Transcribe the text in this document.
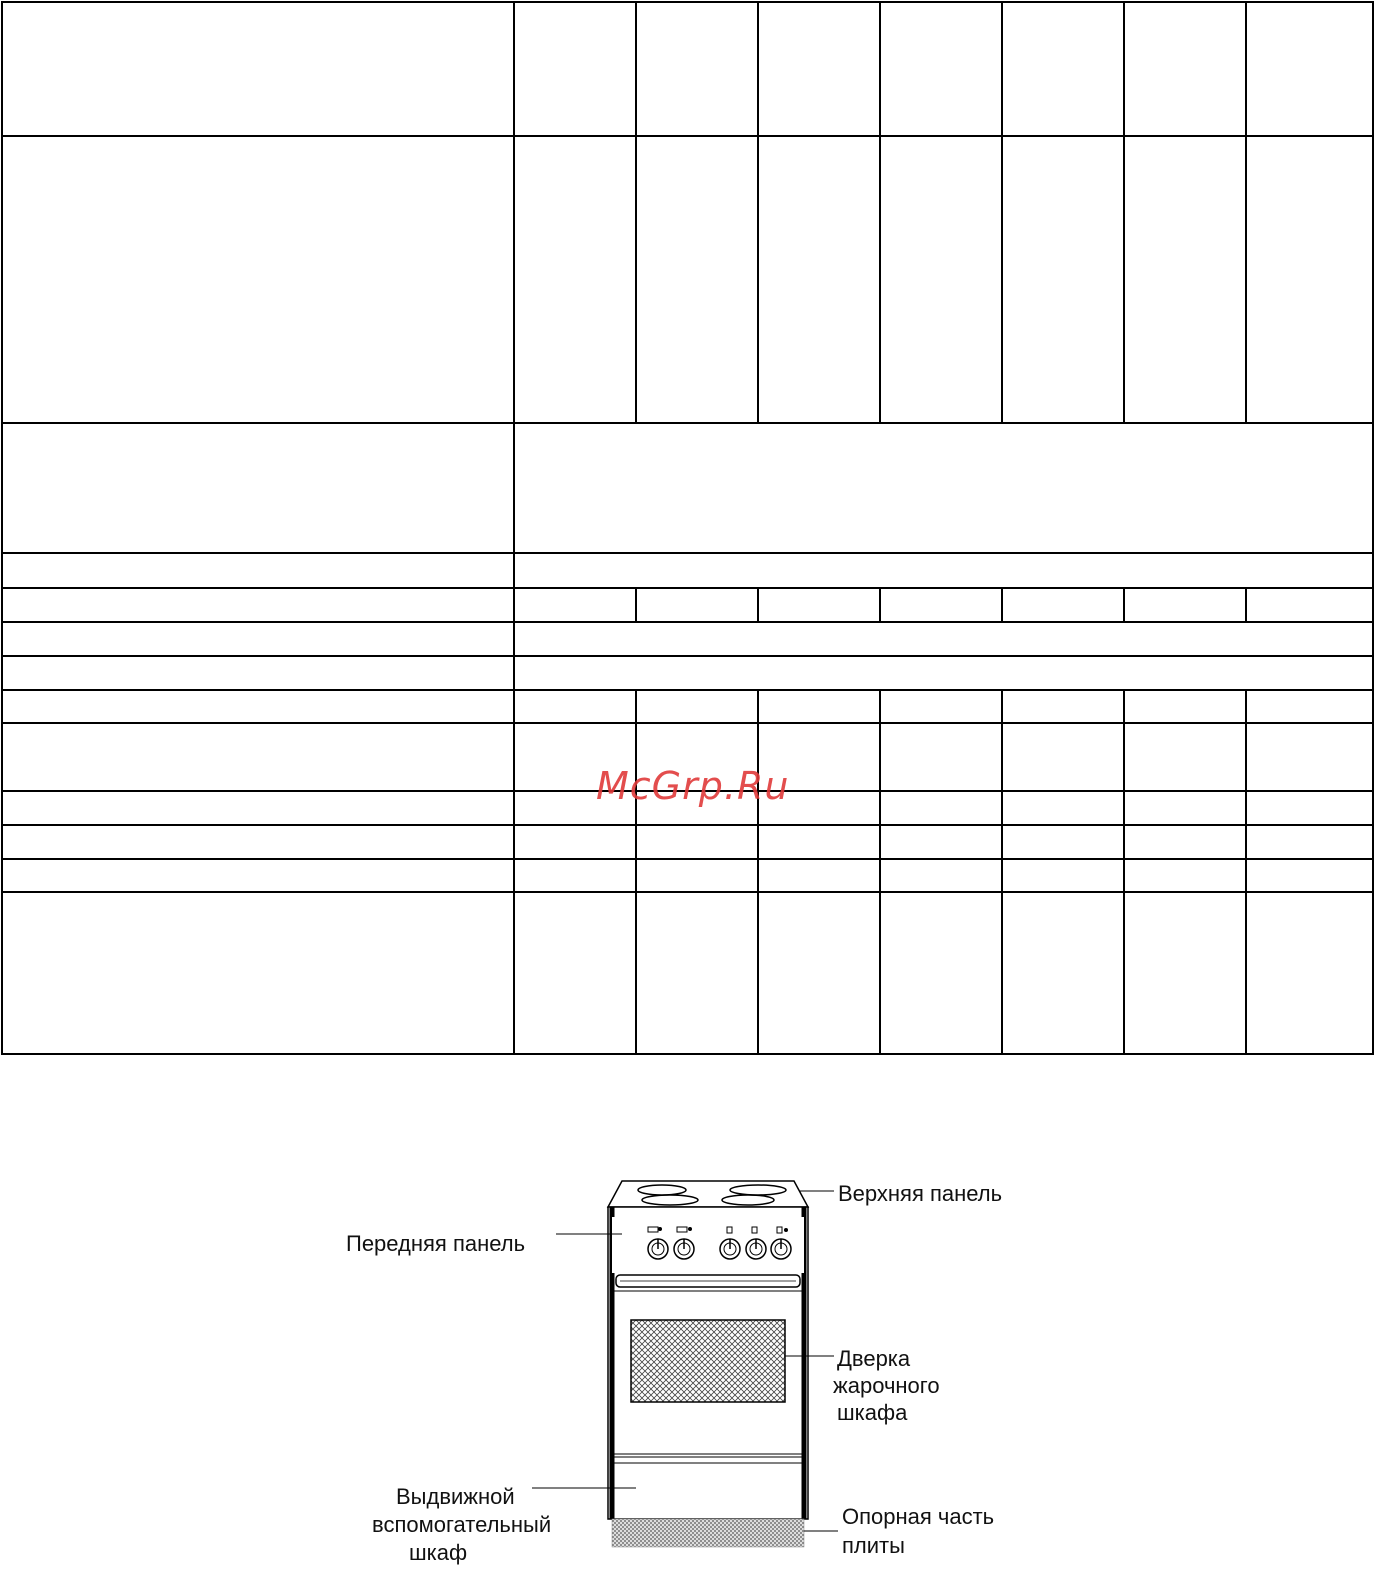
McGrp.Ru
Верхняя панель
Передняя панель
Дверка
жарочного
шкафа
Выдвижной
вспомогательный
шкаф
Опорная часть
плиты
